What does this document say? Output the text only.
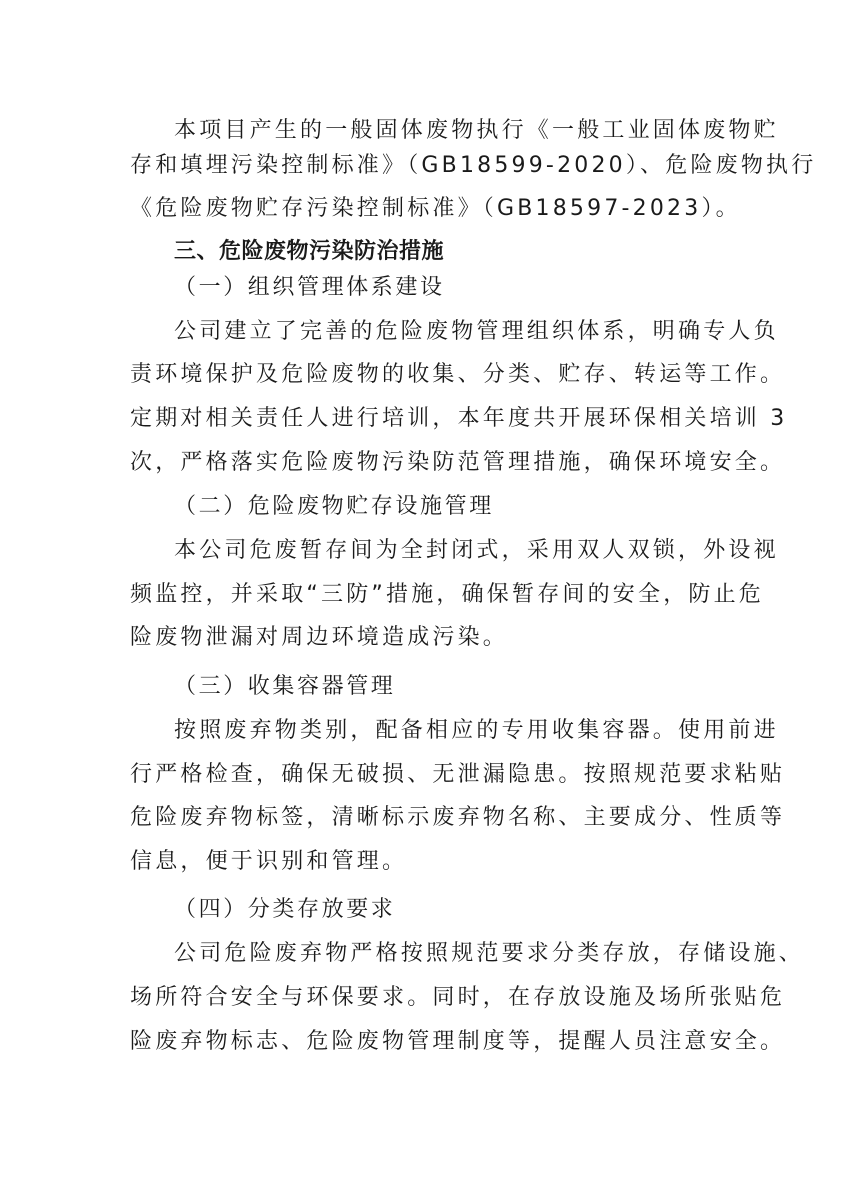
本项目产生的一般固体废物执行《一般工业固体废物贮
存和填埋污染控制标准》（GB18599-2020）、危险废物执行
《危险废物贮存污染控制标准》（GB18597-2023）。
三、危险废物污染防治措施
（一）组织管理体系建设
公司建立了完善的危险废物管理组织体系，明确专人负
责环境保护及危险废物的收集、分类、贮存、转运等工作。
定期对相关责任人进行培训，本年度共开展环保相关培训 3
次，严格落实危险废物污染防范管理措施，确保环境安全。
（二）危险废物贮存设施管理
本公司危废暂存间为全封闭式，采用双人双锁，外设视
频监控，并采取“三防”措施，确保暂存间的安全，防止危
险废物泄漏对周边环境造成污染。
（三）收集容器管理
按照废弃物类别，配备相应的专用收集容器。使用前进
行严格检查，确保无破损、无泄漏隐患。按照规范要求粘贴
危险废弃物标签，清晰标示废弃物名称、主要成分、性质等
信息，便于识别和管理。
（四）分类存放要求
公司危险废弃物严格按照规范要求分类存放，存储设施、
场所符合安全与环保要求。同时，在存放设施及场所张贴危
险废弃物标志、危险废物管理制度等，提醒人员注意安全。
